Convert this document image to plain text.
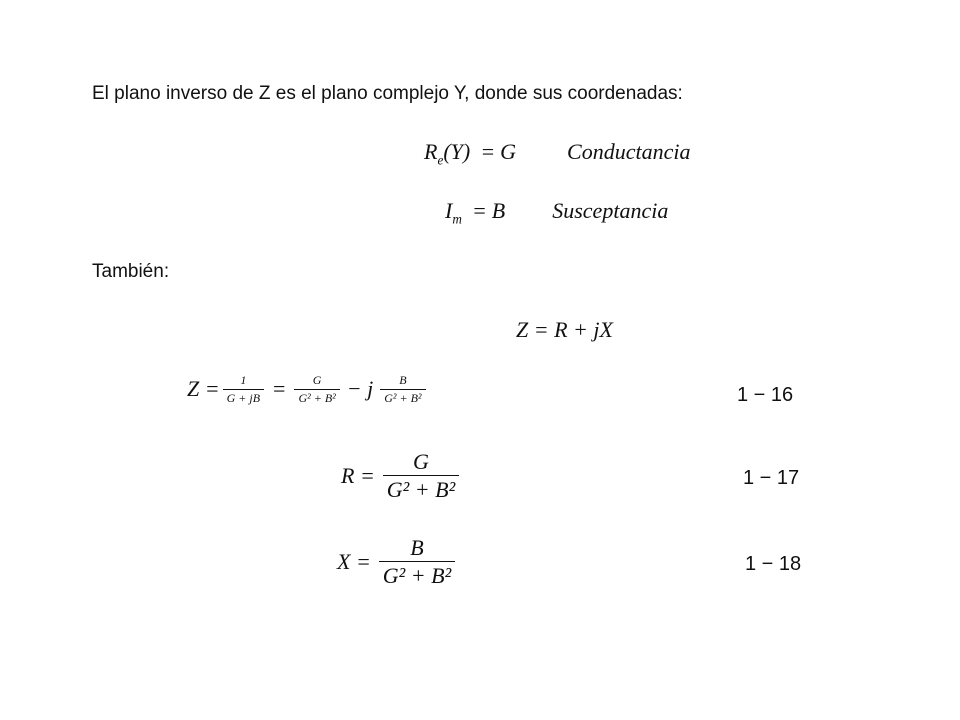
El plano inverso de Z es el plano complejo Y, donde sus coordenadas:
$R_e(Y) = G$ Conductancia
$I_m = B$ Susceptancia
También:
Z = R + jX
$Z = \frac{1}{G + jB} = \frac{G}{\text{G² + B²}} - j \frac{B}{\text{G² + B²}}$	1 − 16
$R = \frac{G}{\text{G² + B²}}$	1 − 17
$X = \frac{B}{\text{G² + B²}}$	1 − 18
